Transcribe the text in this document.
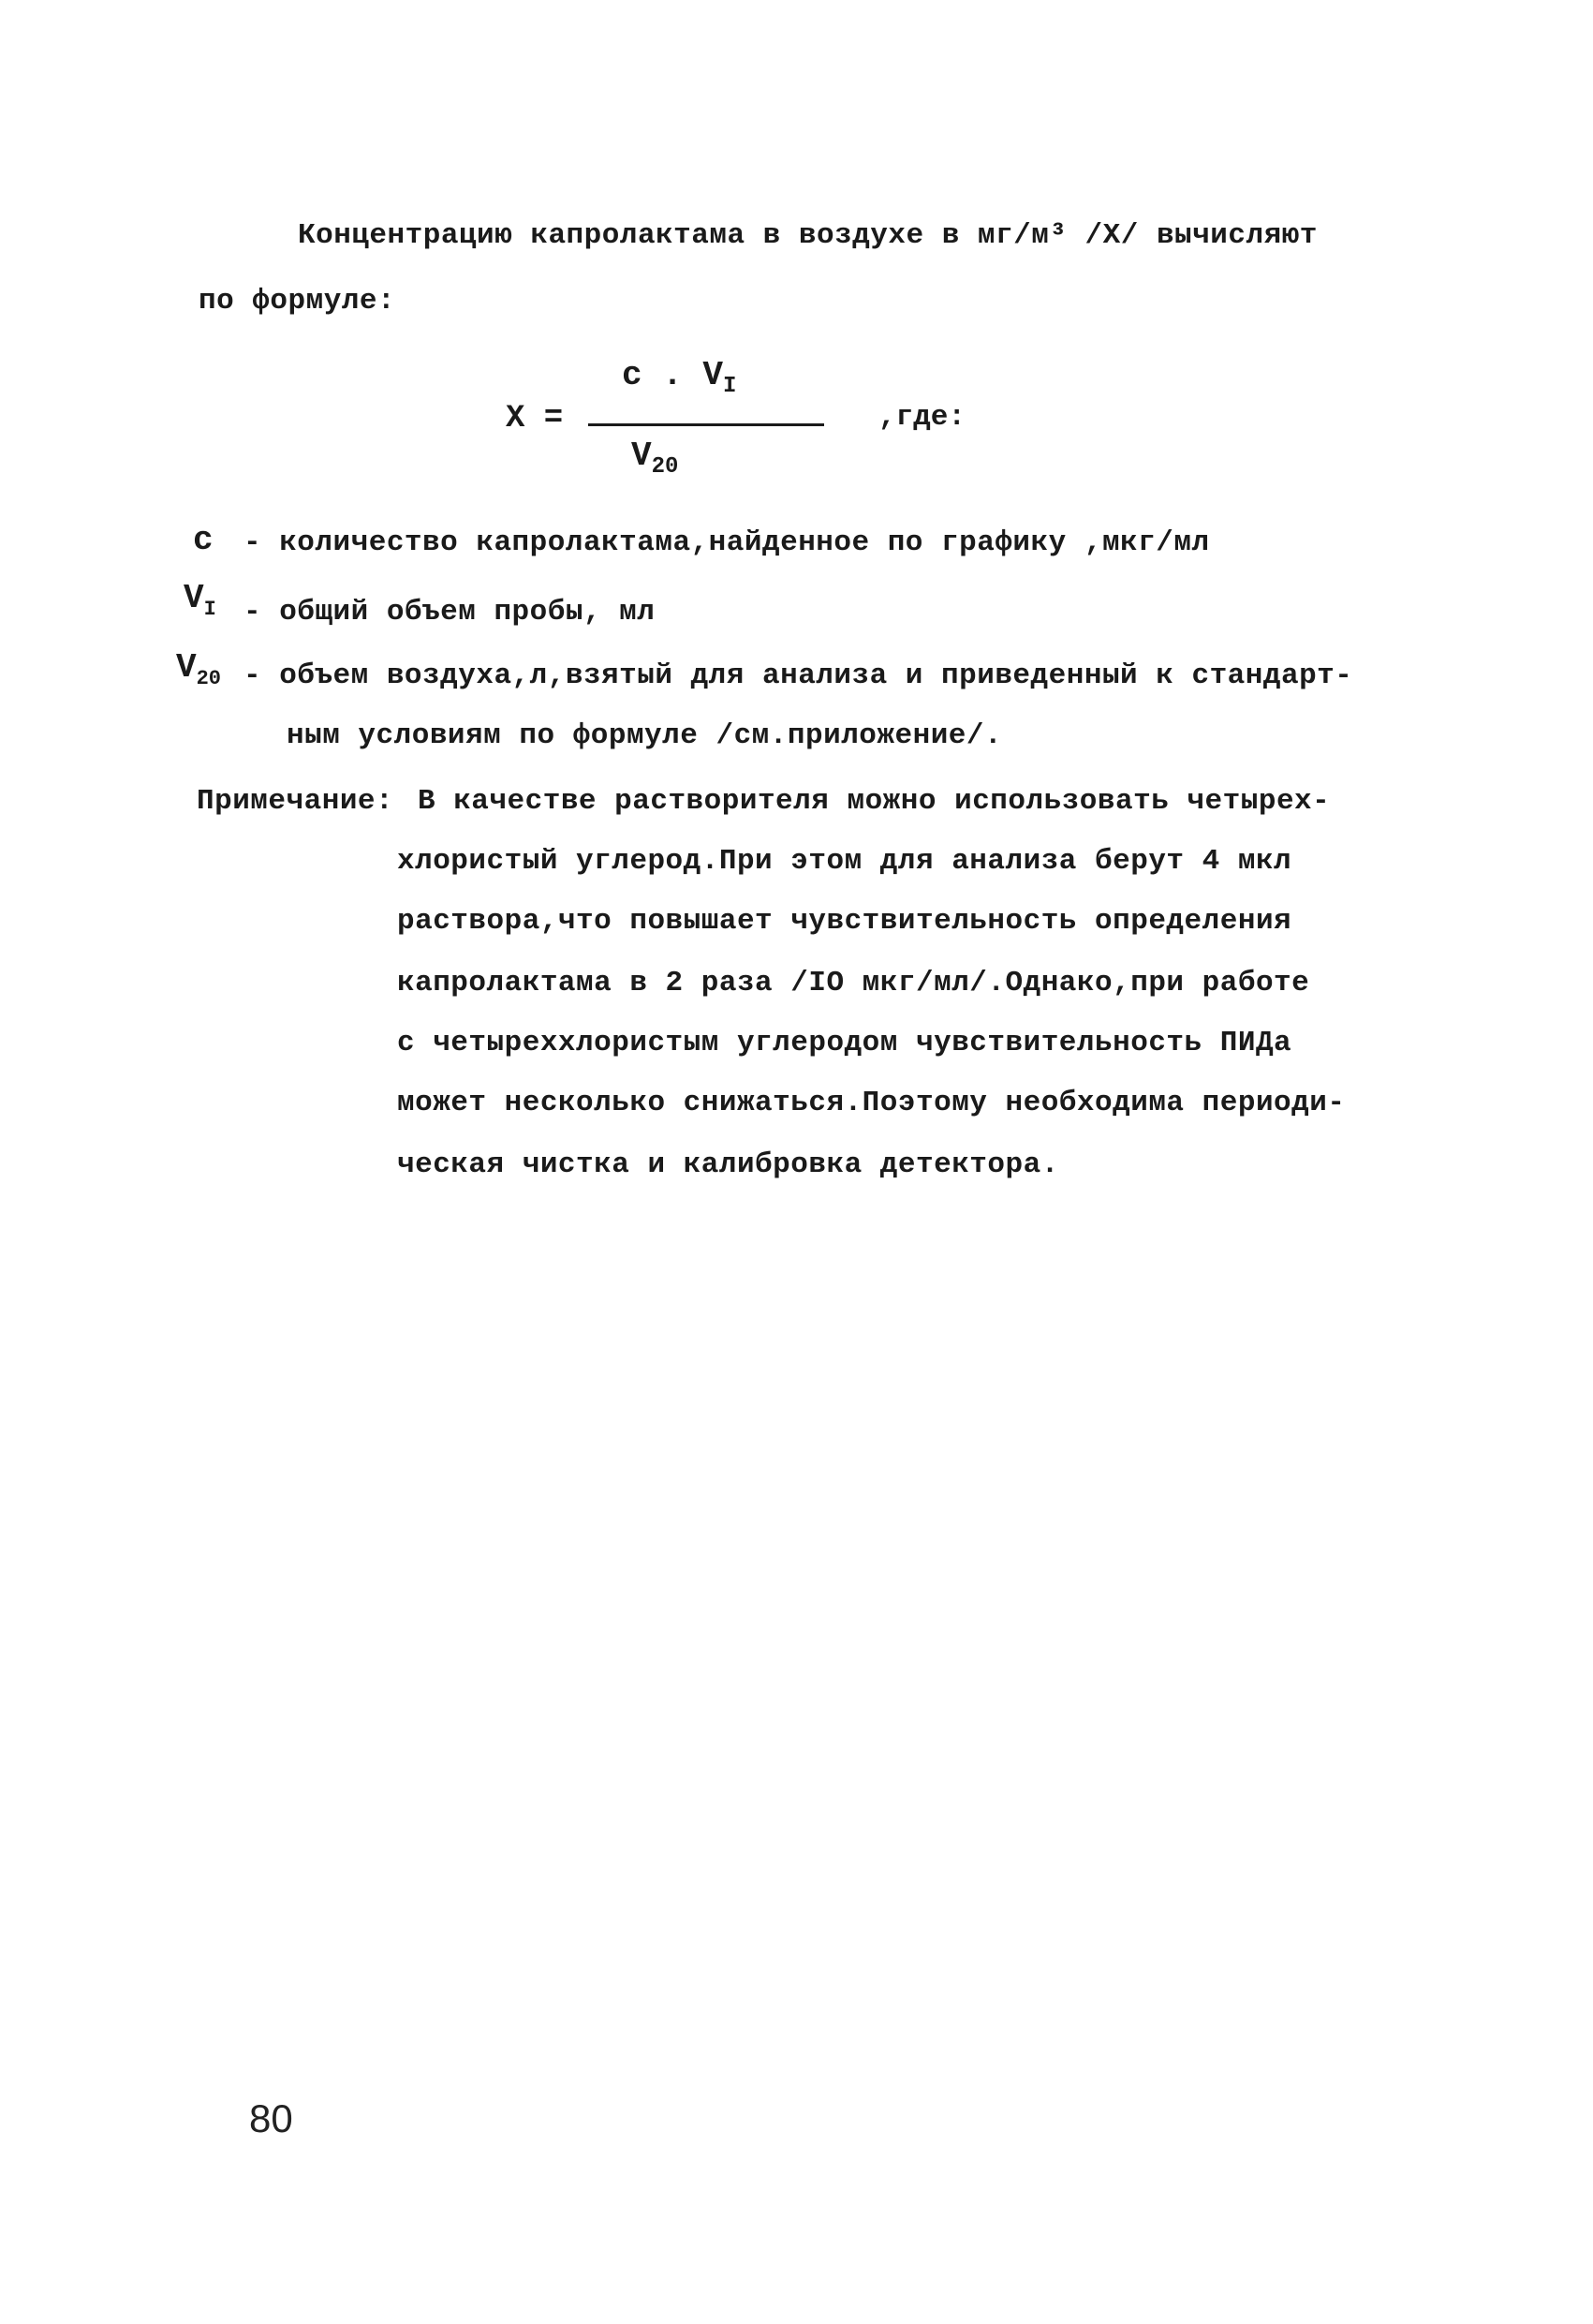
Концентрацию капролактама в воздухе в мг/м³ /Х/ вычисляют
по формуле:
Х =
c . $V_I$
$V_{20}$
,где:
с - количество капролактама,найденное по графику ,мкг/мл
$V_I$ - общий объем пробы, мл
$V_{20}$ - объем воздуха,л,взятый для анализа и приведенный к стандарт-
ным условиям по формуле /см.приложение/.
Примечание: В качестве растворителя можно использовать четырех-
хлористый углерод.При этом для анализа берут 4 мкл
раствора,что повышает чувствительность определения
капролактама в 2 раза /IO мкг/мл/.Однако,при работе
с четыреххлористым углеродом чувствительность ПИДа
может несколько снижаться.Поэтому необходима периоди-
ческая чистка и калибровка детектора.
80
